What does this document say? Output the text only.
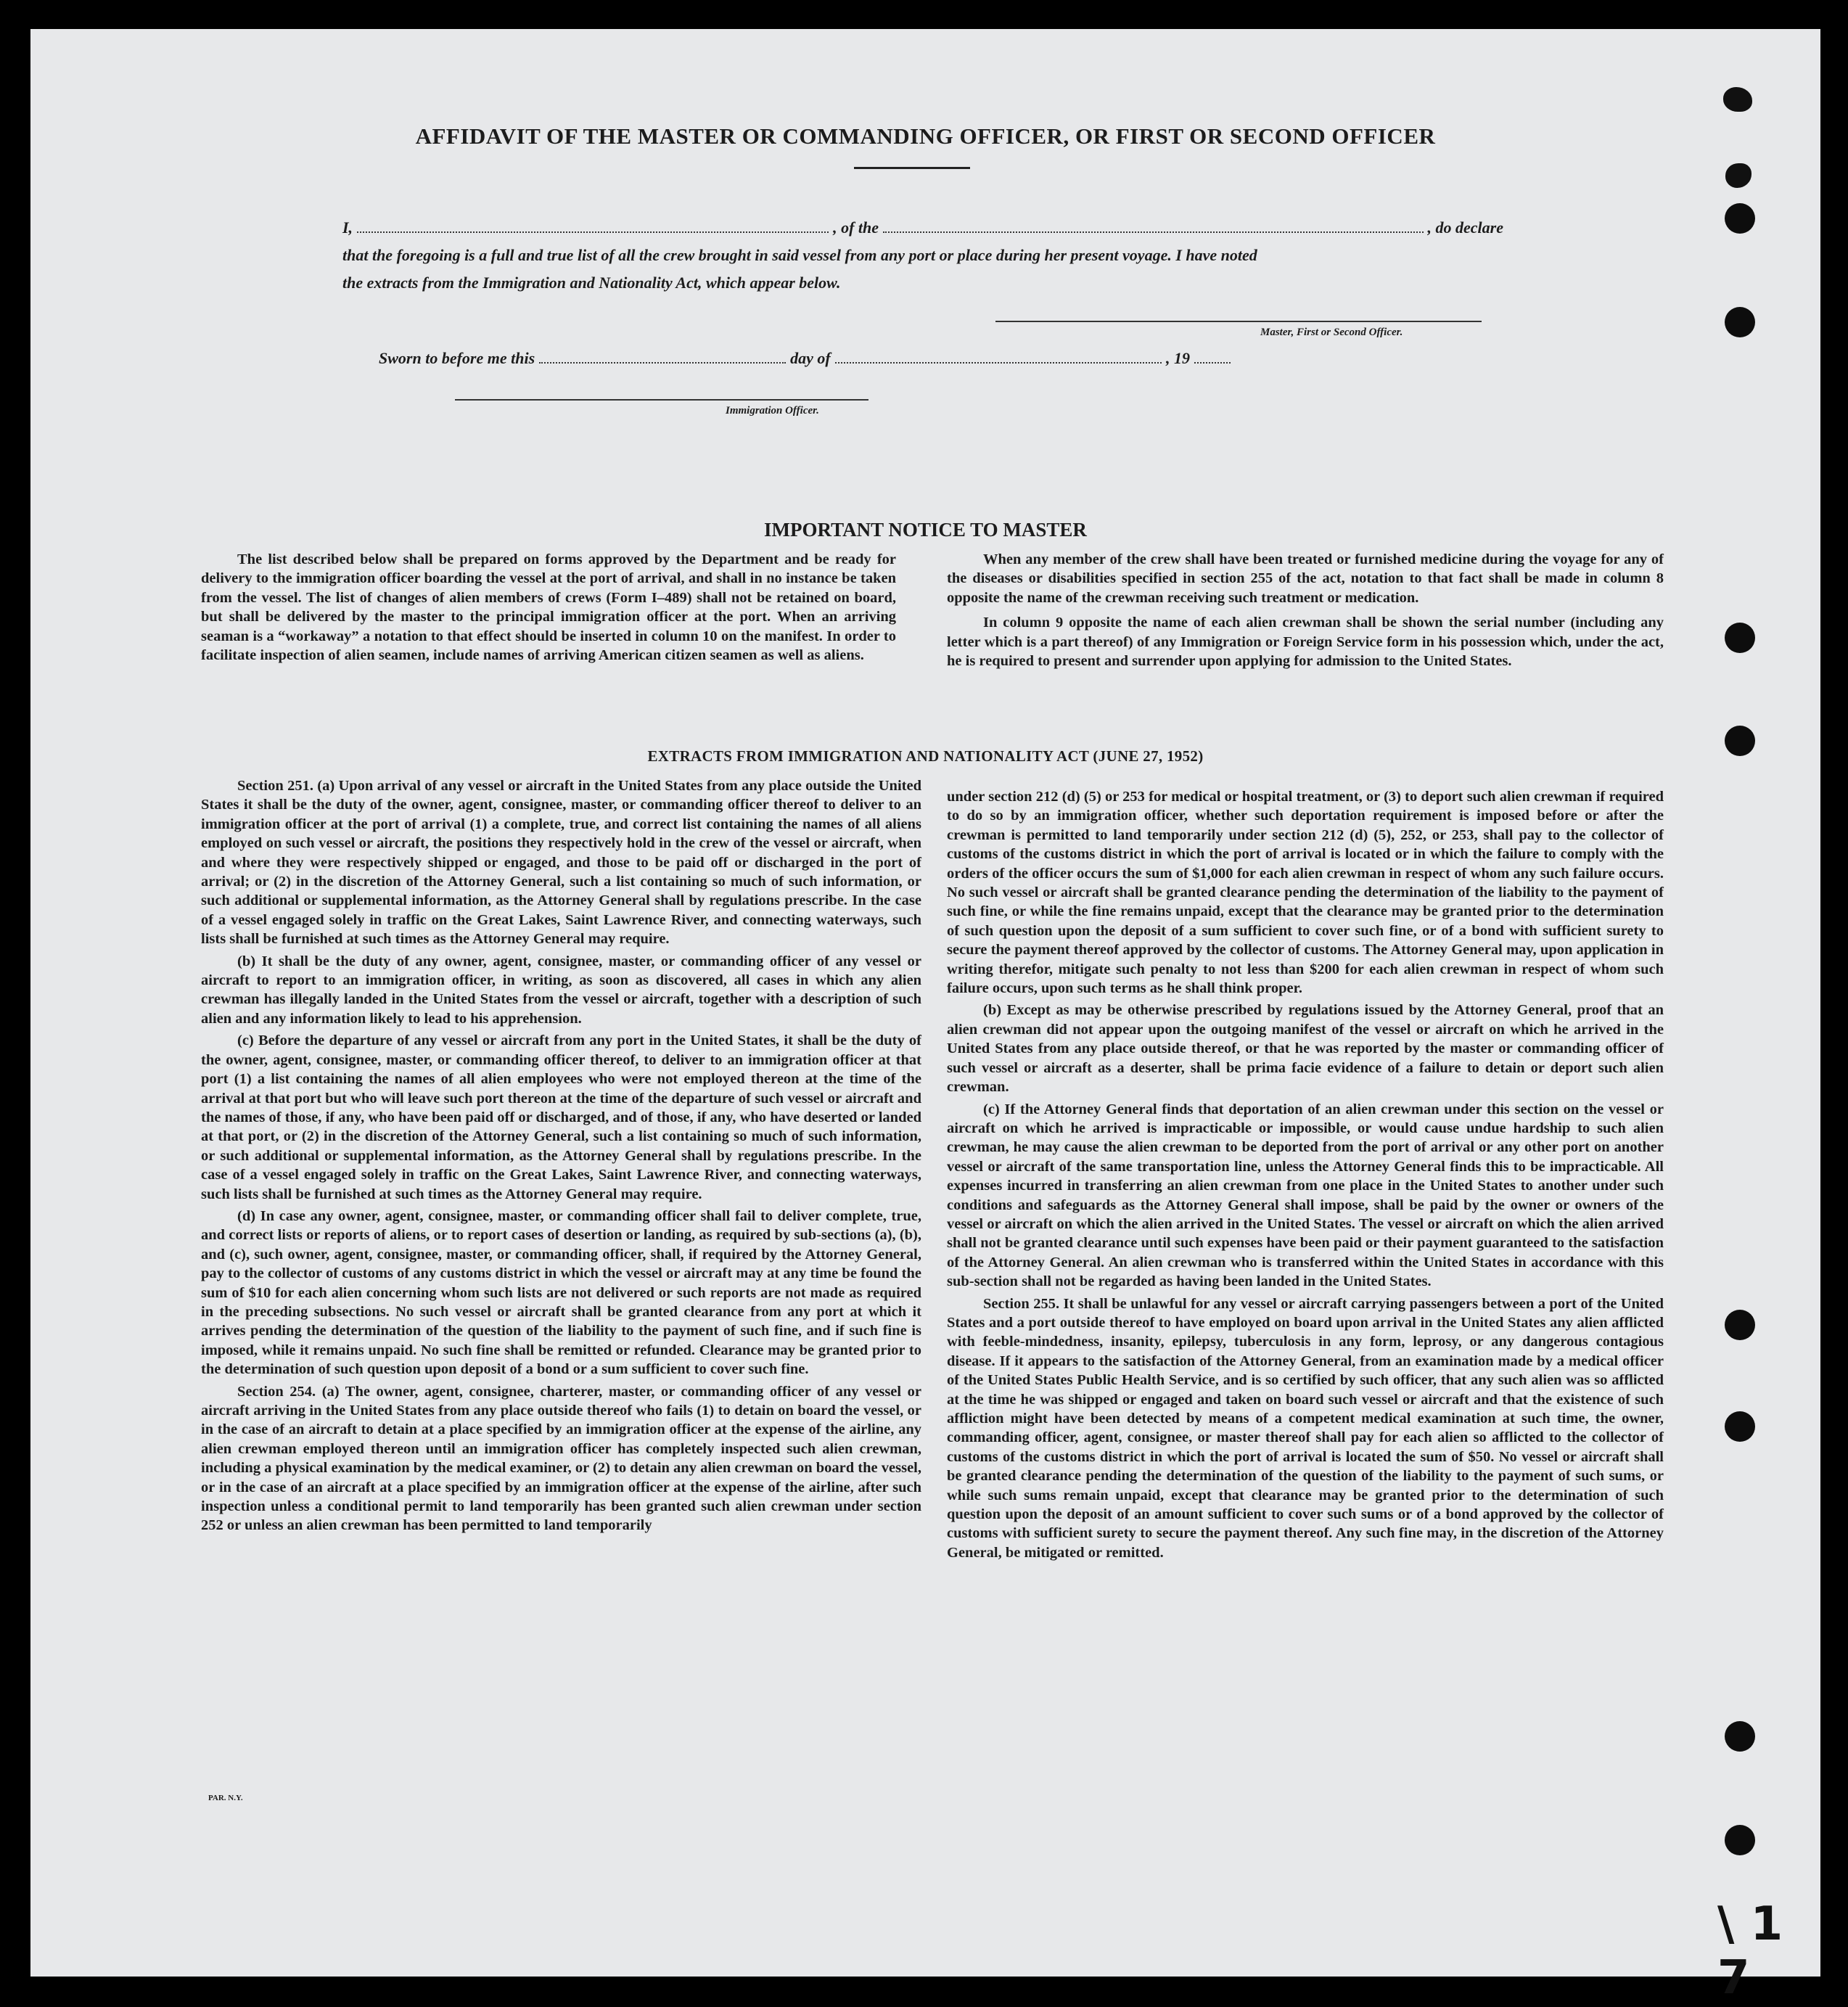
AFFIDAVIT OF THE MASTER OR COMMANDING OFFICER, OR FIRST OR SECOND OFFICER
I,	, of the	, do declare
that the foregoing is a full and true list of all the crew brought in said vessel from any port or place during her present voyage. I have noted
the extracts from the Immigration and Nationality Act, which appear below.
Master, First or Second Officer.
Sworn to before me this	day of	, 19
Immigration Officer.
IMPORTANT NOTICE TO MASTER

The list described below shall be prepared on forms approved by the Department and be ready for delivery to the immigration officer boarding the vessel at the port of arrival, and shall in no instance be taken from the vessel. The list of changes of alien members of crews (Form I–489) shall not be retained on board, but shall be delivered by the master to the principal immigration officer at the port. When an arriving seaman is a “workaway” a notation to that effect should be inserted in column 10 on the manifest. In order to facilitate inspection of alien seamen, include names of arriving American citizen seamen as well as aliens.

When any member of the crew shall have been treated or furnished medicine during the voyage for any of the diseases or disabilities specified in section 255 of the act, notation to that fact shall be made in column 8 opposite the name of the crewman receiving such treatment or medication.

In column 9 opposite the name of each alien crewman shall be shown the serial number (including any letter which is a part thereof) of any Immigration or Foreign Service form in his possession which, under the act, he is required to present and surrender upon applying for admission to the United States.

EXTRACTS FROM IMMIGRATION AND NATIONALITY ACT (JUNE 27, 1952)

Section 251. (a) Upon arrival of any vessel or aircraft in the United States from any place outside the United States it shall be the duty of the owner, agent, consignee, master, or commanding officer thereof to deliver to an immigration officer at the port of arrival (1) a complete, true, and correct list containing the names of all aliens employed on such vessel or aircraft, the positions they respectively hold in the crew of the vessel or aircraft, when and where they were respectively shipped or engaged, and those to be paid off or discharged in the port of arrival; or (2) in the discretion of the Attorney General, such a list containing so much of such information, or such additional or supplemental information, as the Attorney General shall by regulations prescribe. In the case of a vessel engaged solely in traffic on the Great Lakes, Saint Lawrence River, and connecting waterways, such lists shall be furnished at such times as the Attorney General may require.

(b) It shall be the duty of any owner, agent, consignee, master, or commanding officer of any vessel or aircraft to report to an immigration officer, in writing, as soon as discovered, all cases in which any alien crewman has illegally landed in the United States from the vessel or aircraft, together with a description of such alien and any information likely to lead to his apprehension.

(c) Before the departure of any vessel or aircraft from any port in the United States, it shall be the duty of the owner, agent, consignee, master, or commanding officer thereof, to deliver to an immigration officer at that port (1) a list containing the names of all alien employees who were not employed thereon at the time of the arrival at that port but who will leave such port thereon at the time of the departure of such vessel or aircraft and the names of those, if any, who have been paid off or discharged, and of those, if any, who have deserted or landed at that port, or (2) in the discretion of the Attorney General, such a list containing so much of such information, or such additional or supplemental information, as the Attorney General shall by regulations prescribe. In the case of a vessel engaged solely in traffic on the Great Lakes, Saint Lawrence River, and connecting waterways, such lists shall be furnished at such times as the Attorney General may require.

(d) In case any owner, agent, consignee, master, or commanding officer shall fail to deliver complete, true, and correct lists or reports of aliens, or to report cases of desertion or landing, as required by sub-sections (a), (b), and (c), such owner, agent, consignee, master, or commanding officer, shall, if required by the Attorney General, pay to the collector of customs of any customs district in which the vessel or aircraft may at any time be found the sum of $10 for each alien concerning whom such lists are not delivered or such reports are not made as required in the preceding subsections. No such vessel or aircraft shall be granted clearance from any port at which it arrives pending the determination of the question of the liability to the payment of such fine, and if such fine is imposed, while it remains unpaid. No such fine shall be remitted or refunded. Clearance may be granted prior to the determination of such question upon deposit of a bond or a sum sufficient to cover such fine.

Section 254. (a) The owner, agent, consignee, charterer, master, or commanding officer of any vessel or aircraft arriving in the United States from any place outside thereof who fails (1) to detain on board the vessel, or in the case of an aircraft to detain at a place specified by an immigration officer at the expense of the airline, any alien crewman employed thereon until an immigration officer has completely inspected such alien crewman, including a physical examination by the medical examiner, or (2) to detain any alien crewman on board the vessel, or in the case of an aircraft at a place specified by an immigration officer at the expense of the airline, after such inspection unless a conditional permit to land temporarily has been granted such alien crewman under section 252 or unless an alien crewman has been permitted to land temporarily

under section 212 (d) (5) or 253 for medical or hospital treatment, or (3) to deport such alien crewman if required to do so by an immigration officer, whether such deportation requirement is imposed before or after the crewman is permitted to land temporarily under section 212 (d) (5), 252, or 253, shall pay to the collector of customs of the customs district in which the port of arrival is located or in which the failure to comply with the orders of the officer occurs the sum of $1,000 for each alien crewman in respect of whom any such failure occurs. No such vessel or aircraft shall be granted clearance pending the determination of the liability to the payment of such fine, or while the fine remains unpaid, except that the clearance may be granted prior to the determination of such question upon the deposit of a sum sufficient to cover such fine, or of a bond with sufficient surety to secure the payment thereof approved by the collector of customs. The Attorney General may, upon application in writing therefor, mitigate such penalty to not less than $200 for each alien crewman in respect of whom such failure occurs, upon such terms as he shall think proper.

(b) Except as may be otherwise prescribed by regulations issued by the Attorney General, proof that an alien crewman did not appear upon the outgoing manifest of the vessel or aircraft on which he arrived in the United States from any place outside thereof, or that he was reported by the master or commanding officer of such vessel or aircraft as a deserter, shall be prima facie evidence of a failure to detain or deport such alien crewman.

(c) If the Attorney General finds that deportation of an alien crewman under this section on the vessel or aircraft on which he arrived is impracticable or impossible, or would cause undue hardship to such alien crewman, he may cause the alien crewman to be deported from the port of arrival or any other port on another vessel or aircraft of the same transportation line, unless the Attorney General finds this to be impracticable. All expenses incurred in transferring an alien crewman from one place in the United States to another under such conditions and safeguards as the Attorney General shall impose, shall be paid by the owner or owners of the vessel or aircraft on which the alien arrived in the United States. The vessel or aircraft on which the alien arrived shall not be granted clearance until such expenses have been paid or their payment guaranteed to the satisfaction of the Attorney General. An alien crewman who is transferred within the United States in accordance with this sub-section shall not be regarded as having been landed in the United States.

Section 255. It shall be unlawful for any vessel or aircraft carrying passengers between a port of the United States and a port outside thereof to have employed on board upon arrival in the United States any alien afflicted with feeble-mindedness, insanity, epilepsy, tuberculosis in any form, leprosy, or any dangerous contagious disease. If it appears to the satisfaction of the Attorney General, from an examination made by a medical officer of the United States Public Health Service, and is so certified by such officer, that any such alien was so afflicted at the time he was shipped or engaged and taken on board such vessel or aircraft and that the existence of such affliction might have been detected by means of a competent medical examination at such time, the owner, commanding officer, agent, consignee, or master thereof shall pay for each alien so afflicted to the collector of customs of the customs district in which the port of arrival is located the sum of $50. No vessel or aircraft shall be granted clearance pending the determination of the question of the liability to the payment of such sums, or while such sums remain unpaid, except that clearance may be granted prior to the determination of such question upon the deposit of an amount sufficient to cover such sums or of a bond approved by the collector of customs with sufficient surety to secure the payment thereof. Any such fine may, in the discretion of the Attorney General, be mitigated or remitted.

PAR. N.Y.
\ 1 7
